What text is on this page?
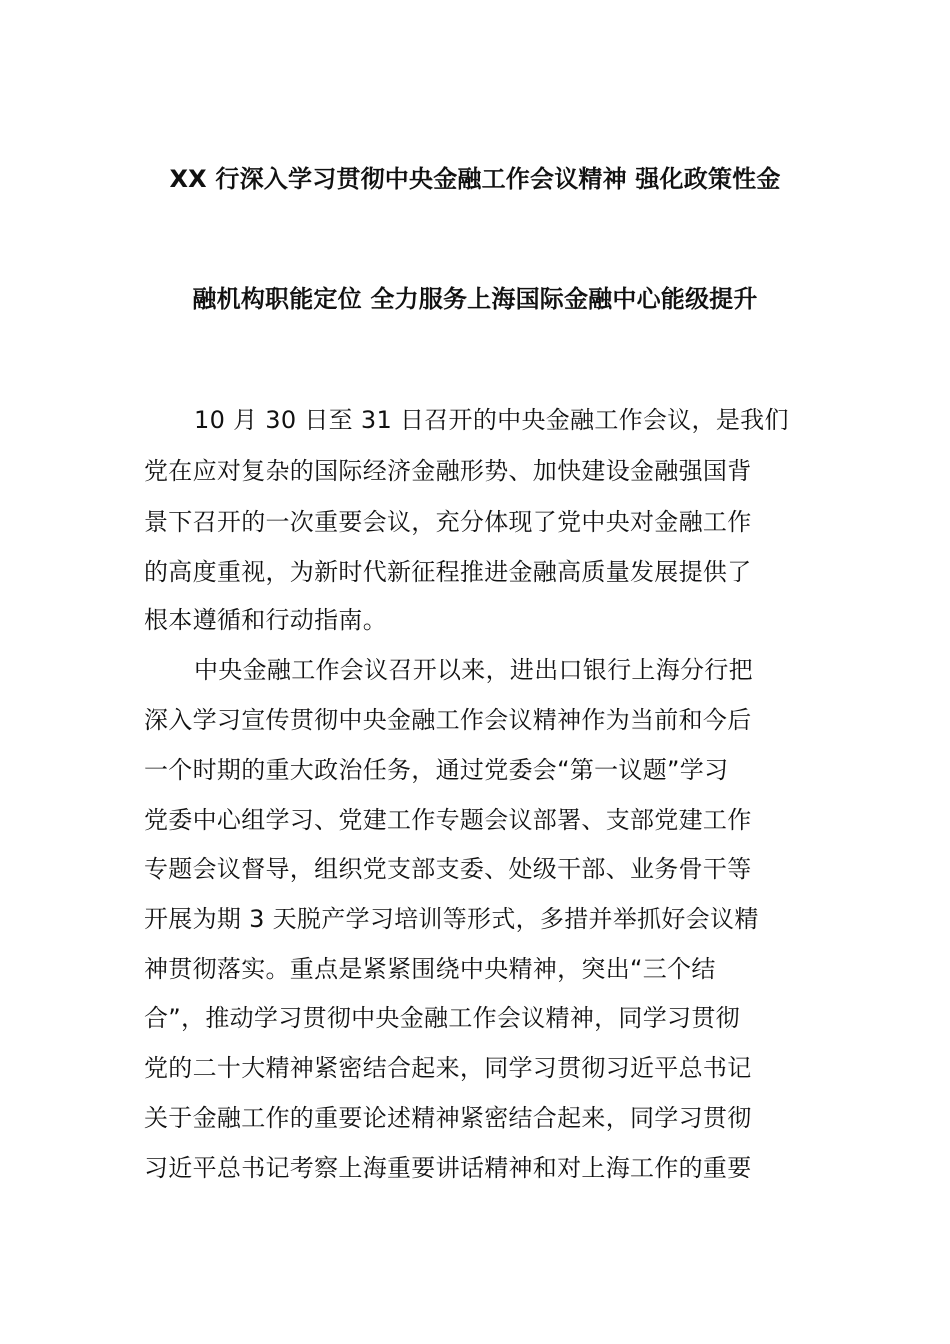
XX 行深入学习贯彻中央金融工作会议精神 强化政策性金
融机构职能定位 全力服务上海国际金融中心能级提升
10 月 30 日至 31 日召开的中央金融工作会议，是我们
党在应对复杂的国际经济金融形势、加快建设金融强国背
景下召开的一次重要会议，充分体现了党中央对金融工作
的高度重视，为新时代新征程推进金融高质量发展提供了
根本遵循和行动指南。
中央金融工作会议召开以来，进出口银行上海分行把
深入学习宣传贯彻中央金融工作会议精神作为当前和今后
一个时期的重大政治任务，通过党委会“第一议题”学习
党委中心组学习、党建工作专题会议部署、支部党建工作
专题会议督导，组织党支部支委、处级干部、业务骨干等
开展为期 3 天脱产学习培训等形式，多措并举抓好会议精
神贯彻落实。重点是紧紧围绕中央精神，突出“三个结
合”，推动学习贯彻中央金融工作会议精神，同学习贯彻
党的二十大精神紧密结合起来，同学习贯彻习近平总书记
关于金融工作的重要论述精神紧密结合起来，同学习贯彻
习近平总书记考察上海重要讲话精神和对上海工作的重要
